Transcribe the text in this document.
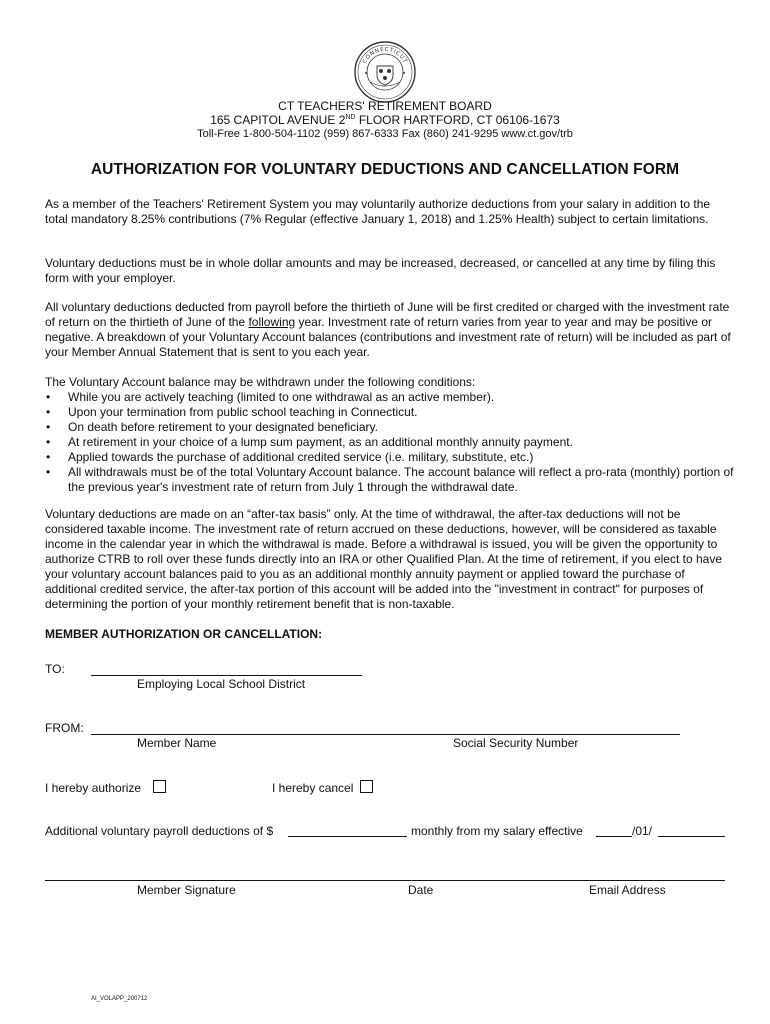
CONNECTICUT
CT TEACHERS' RETIREMENT BOARD
165 CAPITOL AVENUE 2ND FLOOR HARTFORD, CT 06106-1673
Toll-Free 1-800-504-1102 (959) 867-6333 Fax (860) 241-9295 www.ct.gov/trb
AUTHORIZATION FOR VOLUNTARY DEDUCTIONS AND CANCELLATION FORM

As a member of the Teachers' Retirement System you may voluntarily authorize deductions from your salary in addition to the total mandatory 8.25% contributions (7% Regular (effective January 1, 2018) and 1.25% Health) subject to certain limitations.

Voluntary deductions must be in whole dollar amounts and may be increased, decreased, or cancelled at any time by filing this form with your employer.

All voluntary deductions deducted from payroll before the thirtieth of June will be first credited or charged with the investment rate of return on the thirtieth of June of the following year. Investment rate of return varies from year to year and may be positive or negative. A breakdown of your Voluntary Account balances (contributions and investment rate of return) will be included as part of your Member Annual Statement that is sent to you each year.

The Voluntary Account balance may be withdrawn under the following conditions:

• While you are actively teaching (limited to one withdrawal as an active member).
• Upon your termination from public school teaching in Connecticut.
• On death before retirement to your designated beneficiary.
• At retirement in your choice of a lump sum payment, as an additional monthly annuity payment.
• Applied towards the purchase of additional credited service (i.e. military, substitute, etc.)
• All withdrawals must be of the total Voluntary Account balance. The account balance will reflect a pro-rata (monthly) portion of the previous year's investment rate of return from July 1 through the withdrawal date.

Voluntary deductions are made on an “after-tax basis” only. At the time of withdrawal, the after-tax deductions will not be considered taxable income. The investment rate of return accrued on these deductions, however, will be considered as taxable income in the calendar year in which the withdrawal is made. Before a withdrawal is issued, you will be given the opportunity to authorize CTRB to roll over these funds directly into an IRA or other Qualified Plan. At the time of retirement, if you elect to have your voluntary account balances paid to you as an additional monthly annuity payment or applied toward the purchase of additional credited service, the after-tax portion of this account will be added into the "investment in contract" for purposes of determining the portion of your monthly retirement benefit that is non-taxable.

MEMBER AUTHORIZATION OR CANCELLATION:
TO:
Employing Local School District
FROM:
Member Name	Social Security Number
I hereby authorize	I hereby cancel
Additional voluntary payroll deductions of $	monthly from my salary effective	/01/
Member Signature	Date	Email Address
AI_VOLAPP_200712
